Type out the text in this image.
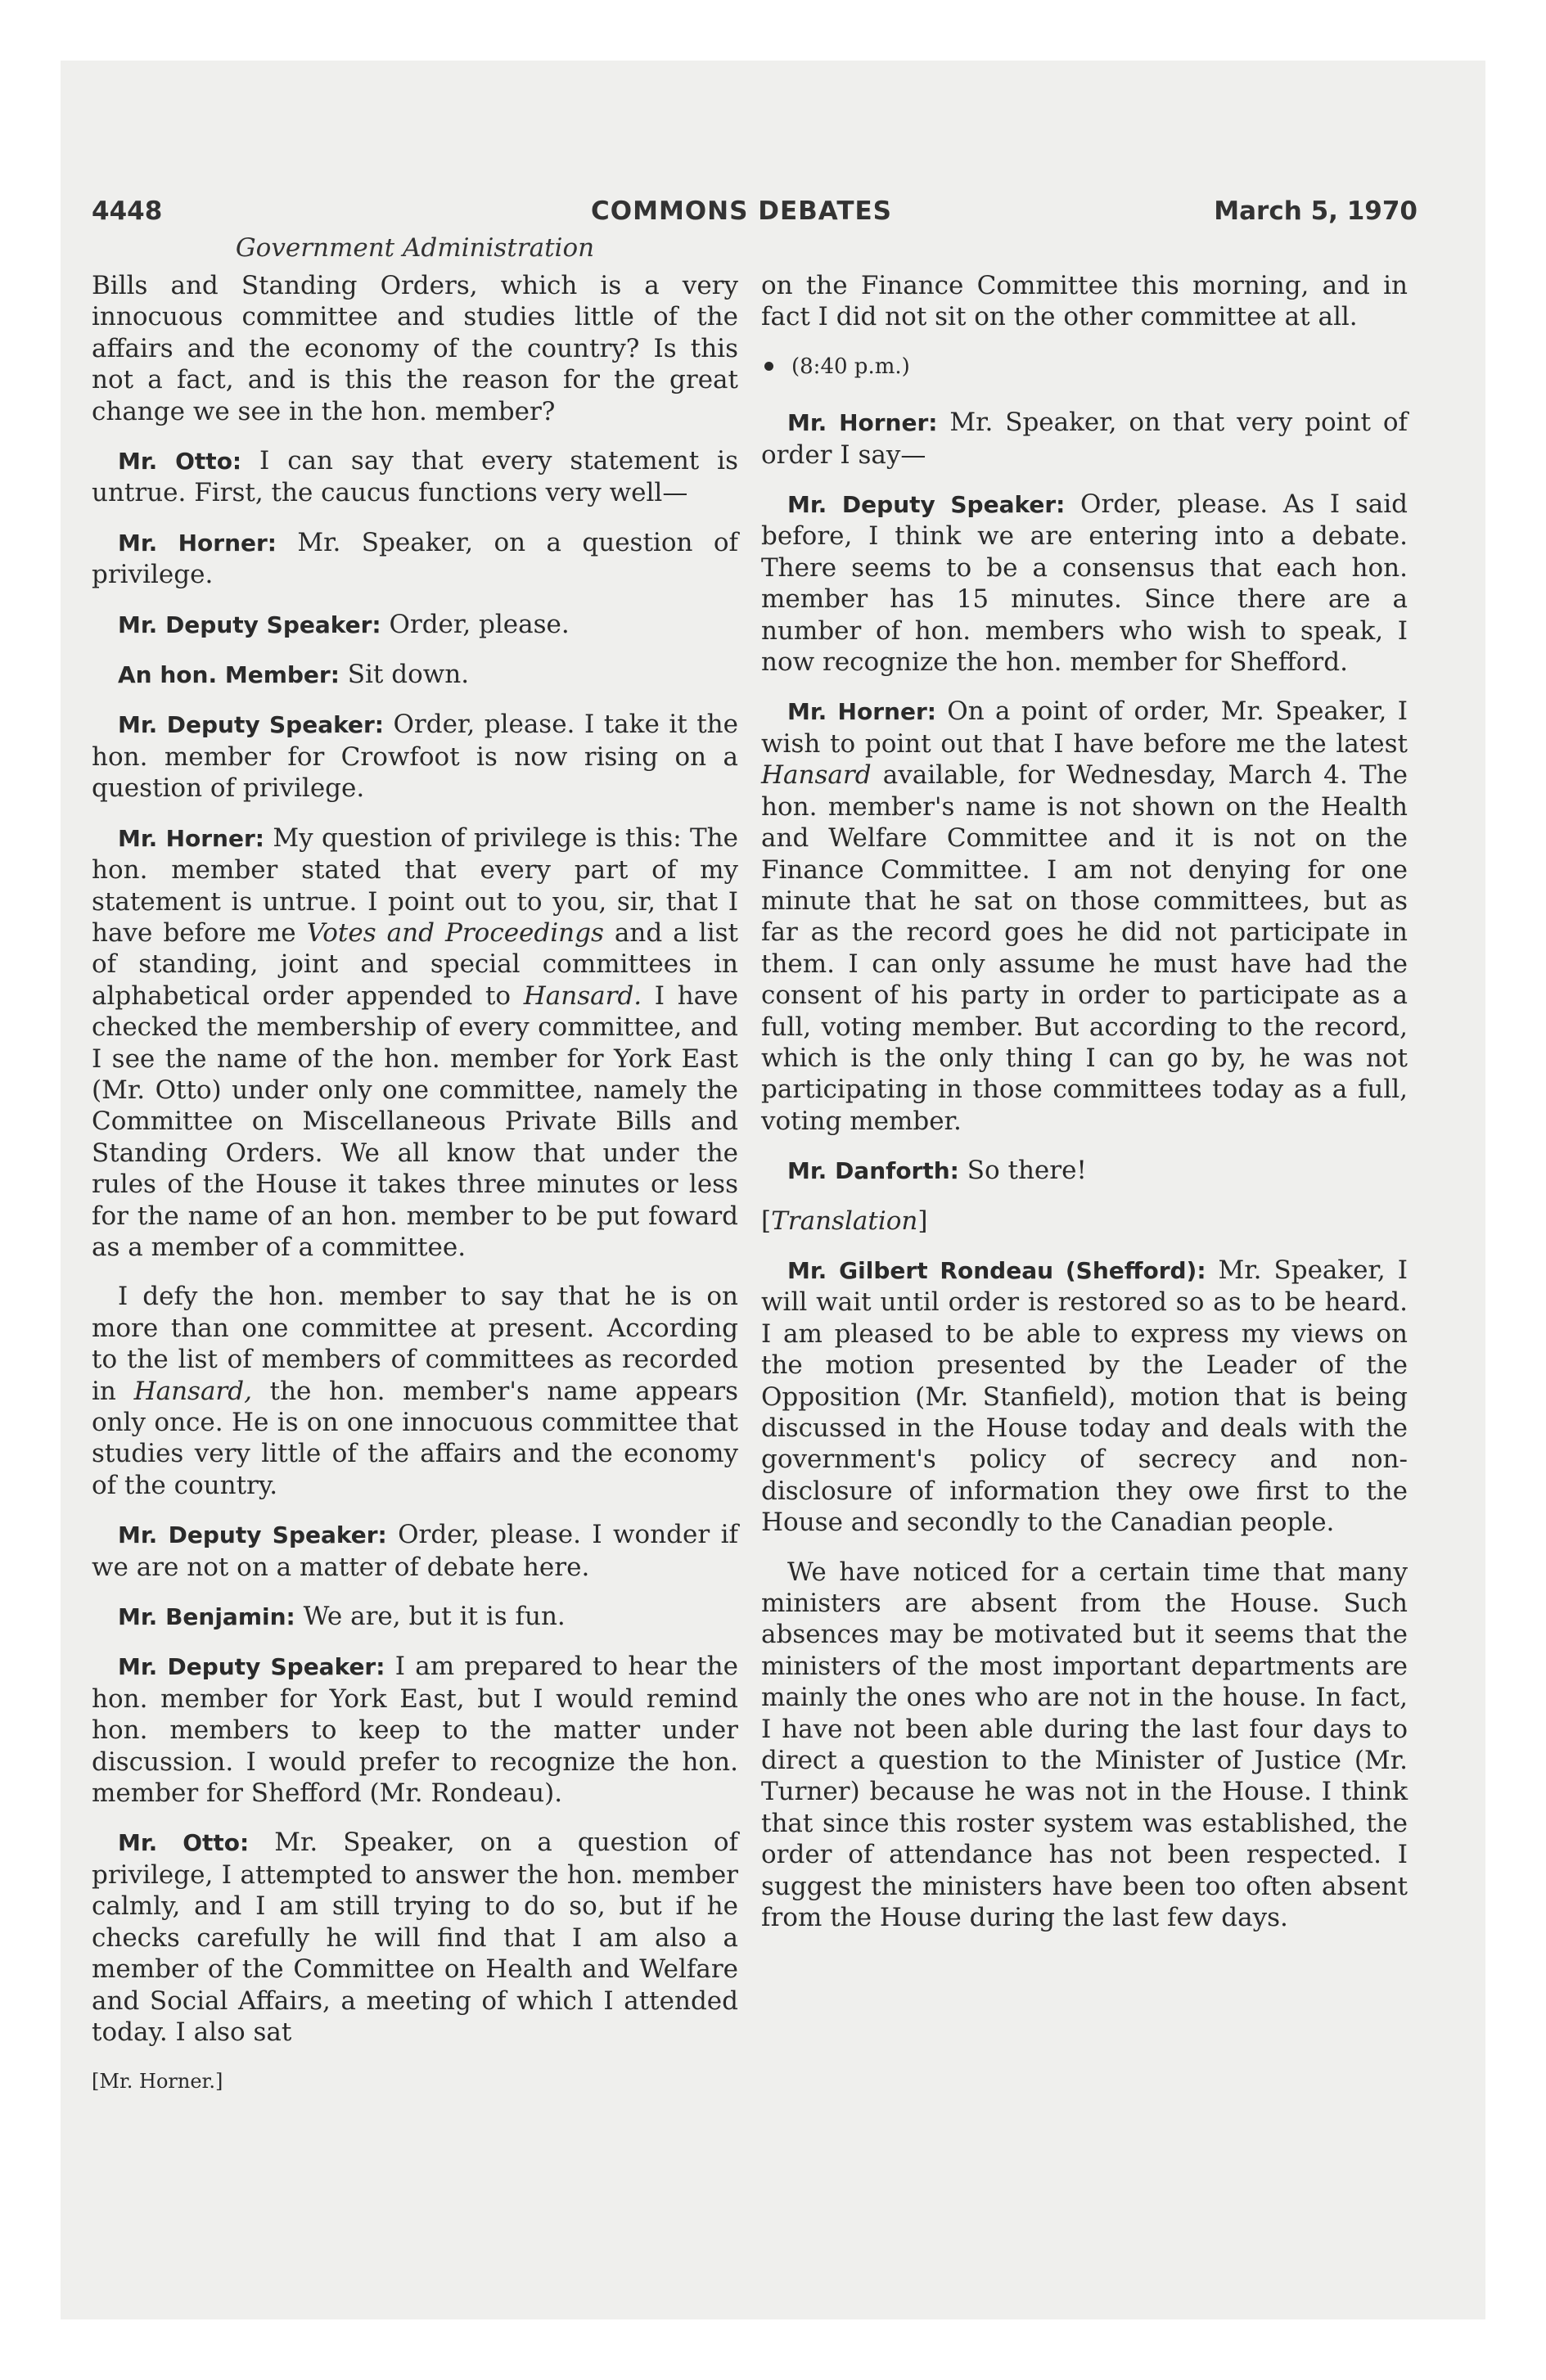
4448	COMMONS DEBATES	March 5, 1970
Government Administration

Bills and Standing Orders, which is a very innocuous committee and studies little of the affairs and the economy of the country? Is this not a fact, and is this the reason for the great change we see in the hon. member?

Mr. Otto: I can say that every statement is untrue. First, the caucus functions very well—

Mr. Horner: Mr. Speaker, on a question of privilege.

Mr. Deputy Speaker: Order, please.

An hon. Member: Sit down.

Mr. Deputy Speaker: Order, please. I take it the hon. member for Crowfoot is now rising on a question of privilege.

Mr. Horner: My question of privilege is this: The hon. member stated that every part of my statement is untrue. I point out to you, sir, that I have before me Votes and Proceedings and a list of standing, joint and special committees in alphabetical order appended to Hansard. I have checked the membership of every committee, and I see the name of the hon. member for York East (Mr. Otto) under only one committee, namely the Committee on Miscellaneous Private Bills and Standing Orders. We all know that under the rules of the House it takes three minutes or less for the name of an hon. member to be put foward as a member of a committee.

I defy the hon. member to say that he is on more than one committee at present. According to the list of members of committees as recorded in Hansard, the hon. member's name appears only once. He is on one innocuous committee that studies very little of the affairs and the economy of the country.

Mr. Deputy Speaker: Order, please. I wonder if we are not on a matter of debate here.

Mr. Benjamin: We are, but it is fun.

Mr. Deputy Speaker: I am prepared to hear the hon. member for York East, but I would remind hon. members to keep to the matter under discussion. I would prefer to recognize the hon. member for Shefford (Mr. Rondeau).

Mr. Otto: Mr. Speaker, on a question of privilege, I attempted to answer the hon. member calmly, and I am still trying to do so, but if he checks carefully he will find that I am also a member of the Committee on Health and Welfare and Social Affairs, a meeting of which I attended today. I also sat

[Mr. Horner.]

on the Finance Committee this morning, and in fact I did not sit on the other committee at all.

(8:40 p.m.)

Mr. Horner: Mr. Speaker, on that very point of order I say—

Mr. Deputy Speaker: Order, please. As I said before, I think we are entering into a debate. There seems to be a consensus that each hon. member has 15 minutes. Since there are a number of hon. members who wish to speak, I now recognize the hon. member for Shefford.

Mr. Horner: On a point of order, Mr. Speaker, I wish to point out that I have before me the latest Hansard available, for Wednesday, March 4. The hon. member's name is not shown on the Health and Welfare Committee and it is not on the Finance Committee. I am not denying for one minute that he sat on those committees, but as far as the record goes he did not participate in them. I can only assume he must have had the consent of his party in order to participate as a full, voting member. But according to the record, which is the only thing I can go by, he was not participating in those committees today as a full, voting member.

Mr. Danforth: So there!

[Translation]

Mr. Gilbert Rondeau (Shefford): Mr. Speaker, I will wait until order is restored so as to be heard. I am pleased to be able to express my views on the motion presented by the Leader of the Opposition (Mr. Stanfield), motion that is being discussed in the House today and deals with the government's policy of secrecy and non-disclosure of information they owe first to the House and secondly to the Canadian people.

We have noticed for a certain time that many ministers are absent from the House. Such absences may be motivated but it seems that the ministers of the most important departments are mainly the ones who are not in the house. In fact, I have not been able during the last four days to direct a question to the Minister of Justice (Mr. Turner) because he was not in the House. I think that since this roster system was established, the order of attendance has not been respected. I suggest the ministers have been too often absent from the House during the last few days.
